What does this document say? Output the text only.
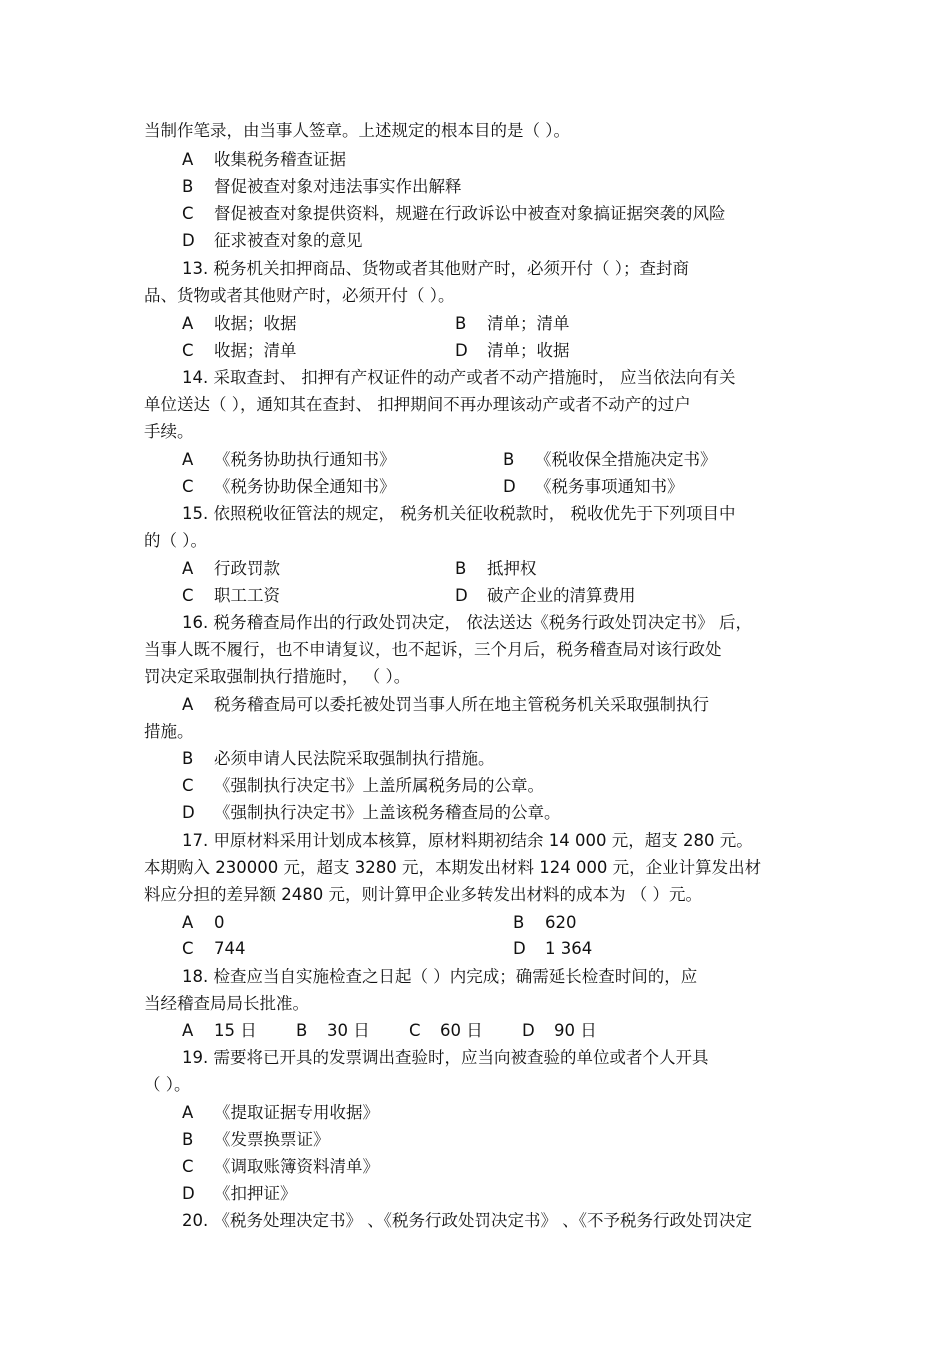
当制作笔录，由当事人签章。上述规定的根本目的是（ ）。
A 收集税务稽查证据
B 督促被查对象对违法事实作出解释
C 督促被查对象提供资料，规避在行政诉讼中被查对象搞证据突袭的风险
D 征求被查对象的意见
13. 税务机关扣押商品、货物或者其他财产时，必须开付（ ）；查封商
品、货物或者其他财产时，必须开付（ ）。
A 收据；收据	B 清单；清单
C 收据；清单	D 清单；收据
14. 采取查封、 扣押有产权证件的动产或者不动产措施时， 应当依法向有关
单位送达（ ），通知其在查封、 扣押期间不再办理该动产或者不动产的过户
手续。
A 《税务协助执行通知书》	B 《税收保全措施决定书》
C 《税务协助保全通知书》	D 《税务事项通知书》
15. 依照税收征管法的规定， 税务机关征收税款时， 税收优先于下列项目中
的（ ）。
A 行政罚款	B 抵押权
C 职工工资	D 破产企业的清算费用
16. 税务稽查局作出的行政处罚决定， 依法送达《税务行政处罚决定书》 后，
当事人既不履行，也不申请复议，也不起诉，三个月后，税务稽查局对该行政处
罚决定采取强制执行措施时， （ ）。
A 税务稽查局可以委托被处罚当事人所在地主管税务机关采取强制执行
措施。
B 必须申请人民法院采取强制执行措施。
C 《强制执行决定书》上盖所属税务局的公章。
D 《强制执行决定书》上盖该税务稽查局的公章。
17. 甲原材料采用计划成本核算，原材料期初结余 14 000 元，超支 280 元。
本期购入 230000 元，超支 3280 元，本期发出材料 124 000 元，企业计算发出材
料应分担的差异额 2480 元，则计算甲企业多转发出材料的成本为 （ ）元。
A 0	B 620
C 744	D 1 364
18. 检查应当自实施检查之日起（ ）内完成；确需延长检查时间的，应
当经稽查局局长批准。
A 15 日 B 30 日 C 60 日 D 90 日
19. 需要将已开具的发票调出查验时，应当向被查验的单位或者个人开具
（ ）。
A 《提取证据专用收据》
B 《发票换票证》
C 《调取账簿资料清单》
D 《扣押证》
20. 《税务处理决定书》 、《税务行政处罚决定书》 、《不予税务行政处罚决定
